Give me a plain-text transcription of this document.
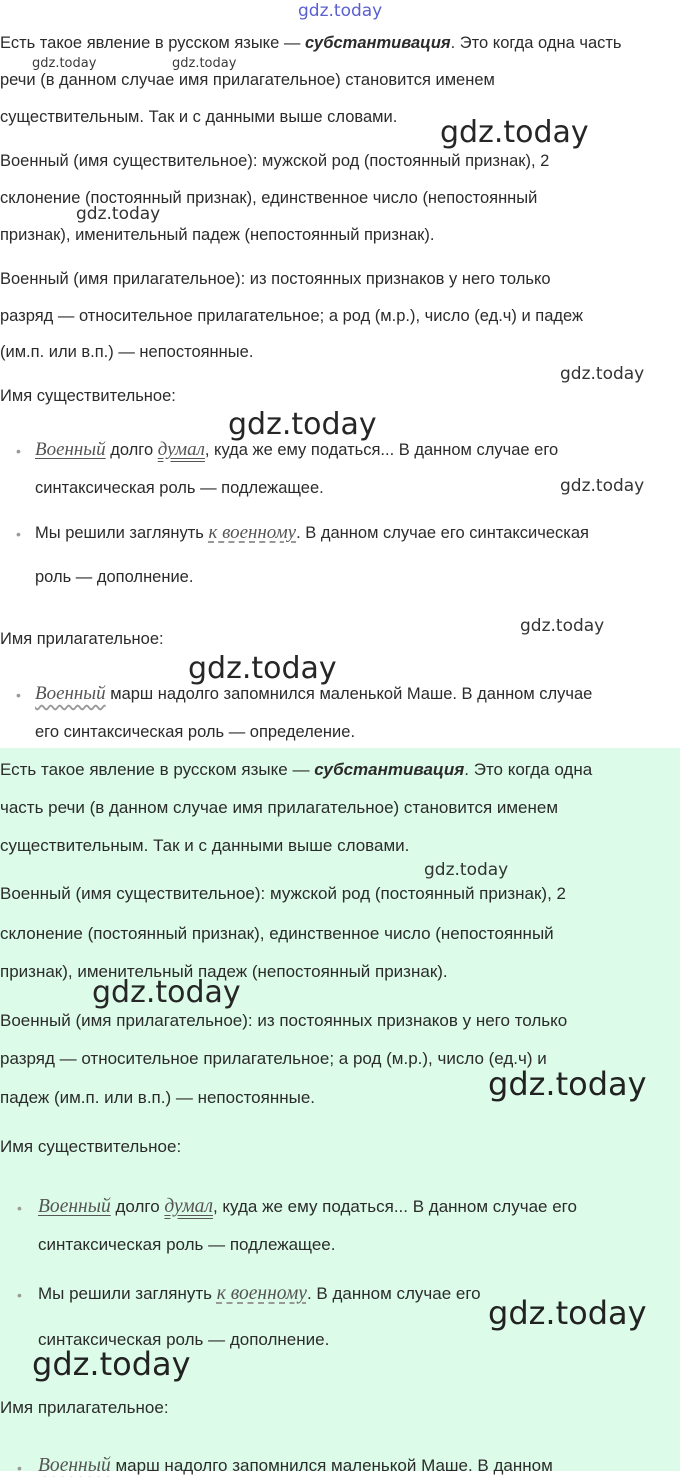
Есть такое явление в русском языке — субстантивация. Это когда одна часть
речи (в данном случае имя прилагательное) становится именем
существительным. Так и с данными выше словами.
Военный (имя существительное): мужской род (постоянный признак), 2
склонение (постоянный признак), единственное число (непостоянный
признак), именительный падеж (непостоянный признак).
Военный (имя прилагательное): из постоянных признаков у него только
разряд — относительное прилагательное; а род (м.р.), число (ед.ч) и падеж
(им.п. или в.п.) — непостоянные.
Имя существительное:
• Военный долго думал, куда же ему податься... В данном случае его
синтаксическая роль — подлежащее.
• Мы решили заглянуть к военному. В данном случае его синтаксическая
роль — дополнение.
Имя прилагательное:
• Военный марш надолго запомнился маленькой Маше. В данном случае
его синтаксическая роль — определение.
Есть такое явление в русском языке — субстантивация. Это когда одна
часть речи (в данном случае имя прилагательное) становится именем
существительным. Так и с данными выше словами.
Военный (имя существительное): мужской род (постоянный признак), 2
склонение (постоянный признак), единственное число (непостоянный
признак), именительный падеж (непостоянный признак).
Военный (имя прилагательное): из постоянных признаков у него только
разряд — относительное прилагательное; а род (м.р.), число (ед.ч) и
падеж (им.п. или в.п.) — непостоянные.
Имя существительное:
• Военный долго думал, куда же ему податься... В данном случае его
синтаксическая роль — подлежащее.
• Мы решили заглянуть к военному. В данном случае его
синтаксическая роль — дополнение.
Имя прилагательное:
• Военный марш надолго запомнился маленькой Маше. В данном
gdz.today
gdz.today	gdz.today
gdz.today
gdz.today
gdz.today
gdz.today
gdz.today
gdz.today
gdz.today
gdz.today
gdz.today
gdz.today
gdz.today
gdz.today
